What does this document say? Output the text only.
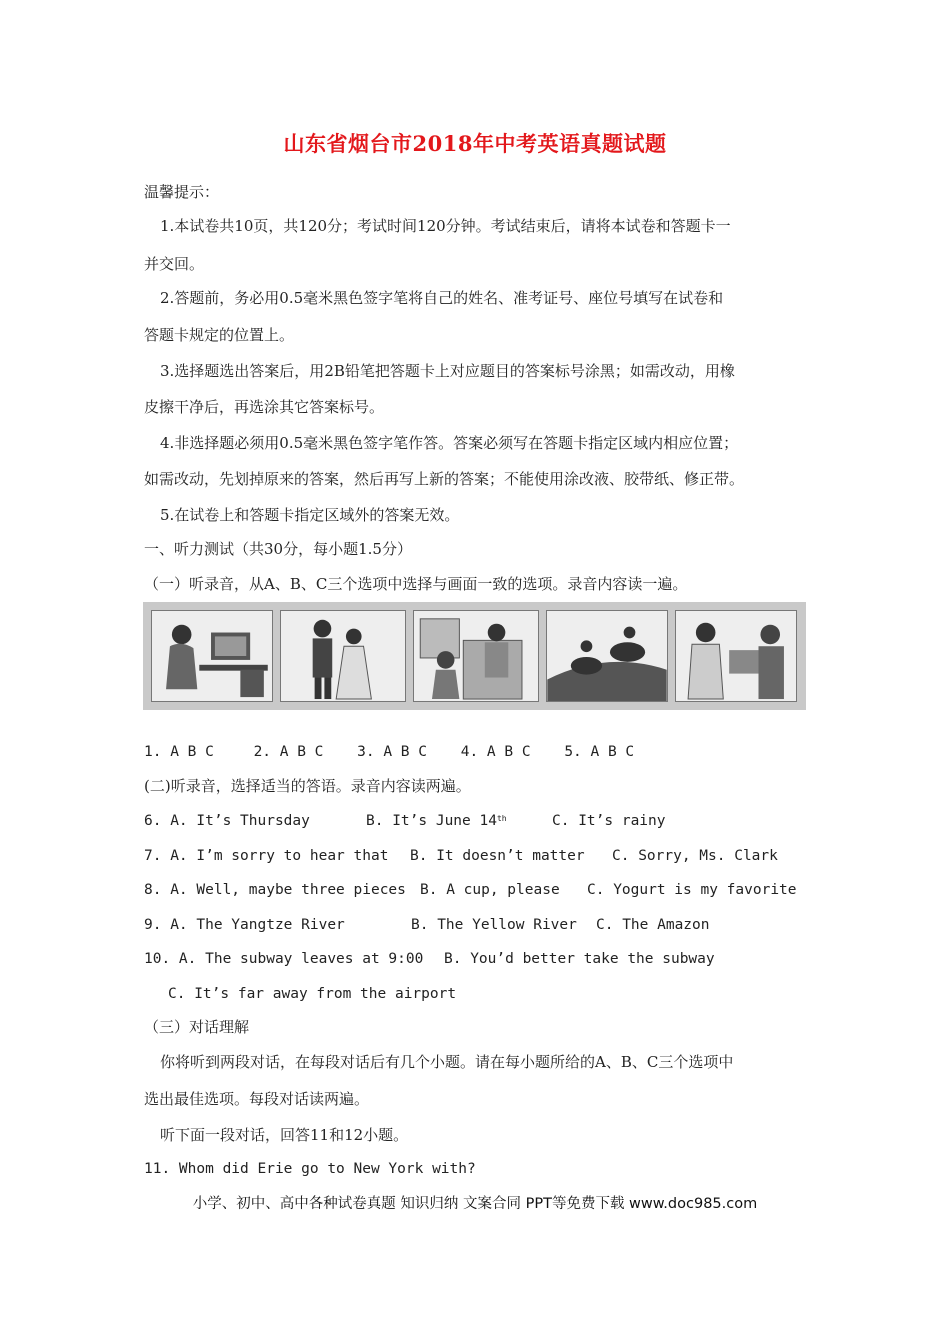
山东省烟台市2018年中考英语真题试题
温馨提示：
1.本试卷共10页，共120分；考试时间120分钟。考试结束后，请将本试卷和答题卡一
并交回。
2.答题前，务必用0.5毫米黑色签字笔将自己的姓名、准考证号、座位号填写在试卷和
答题卡规定的位置上。
3.选择题选出答案后，用2B铅笔把答题卡上对应题目的答案标号涂黑；如需改动，用橡
皮擦干净后，再选涂其它答案标号。
4.非选择题必须用0.5毫米黑色签字笔作答。答案必须写在答题卡指定区域内相应位置；
如需改动，先划掉原来的答案，然后再写上新的答案；不能使用涂改液、胶带纸、修正带。
5.在试卷上和答题卡指定区域外的答案无效。
一、听力测试（共30分，每小题1.5分）
（一）听录音，从A、B、C三个选项中选择与画面一致的选项。录音内容读一遍。
1. A B C	2. A B C 3. A B C 4. A B C 5. A B C
(二)听录音，选择适当的答语。录音内容读两遍。
6. A. It’s Thursday	B. It’s June 14th	C. It’s rainy
7. A. I’m sorry to hear that B. It doesn’t matter C. Sorry, Ms. Clark
8. A. Well, maybe three pieces B. A cup, please C. Yogurt is my favorite
9. A. The Yangtze River	B. The Yellow River C. The Amazon
10. A. The subway leaves at 9:00 B. You’d better take the subway
C. It’s far away from the airport
（三）对话理解
你将听到两段对话，在每段对话后有几个小题。请在每小题所给的A、B、C三个选项中
选出最佳选项。每段对话读两遍。
听下面一段对话，回答11和12小题。
11. Whom did Erie go to New York with?
小学、初中、高中各种试卷真题 知识归纳 文案合同 PPT等免费下载 www.doc985.com
